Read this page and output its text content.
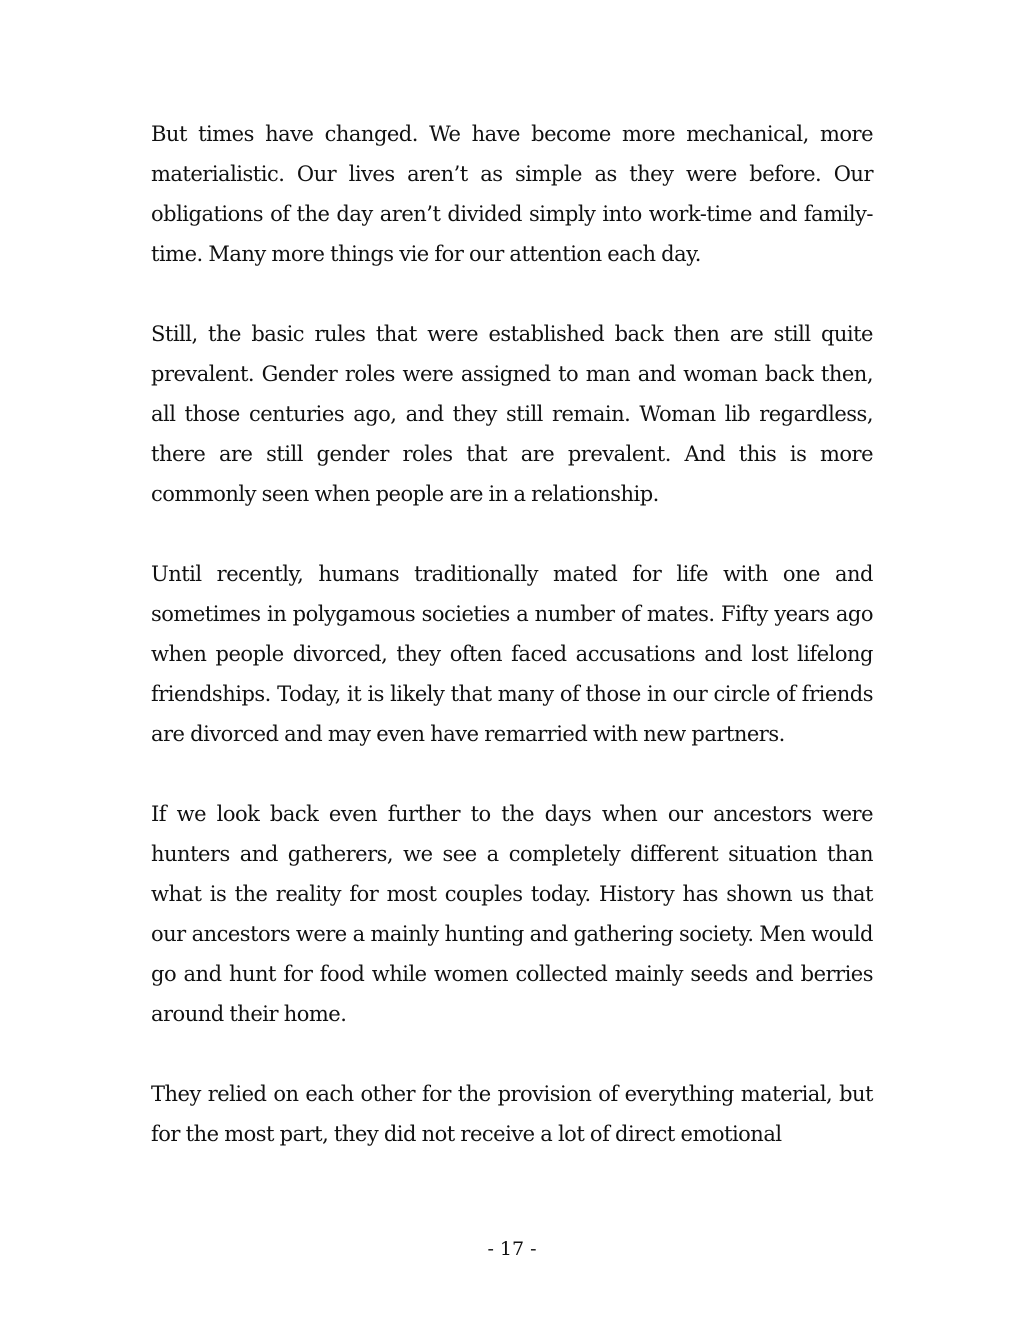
But times have changed. We have become more mechanical, more materialistic. Our lives aren’t as simple as they were before. Our obligations of the day aren’t divided simply into work-time and family-time. Many more things vie for our attention each day.

Still, the basic rules that were established back then are still quite prevalent. Gender roles were assigned to man and woman back then, all those centuries ago, and they still remain. Woman lib regardless, there are still gender roles that are prevalent. And this is more commonly seen when people are in a relationship.

Until recently, humans traditionally mated for life with one and sometimes in polygamous societies a number of mates. Fifty years ago when people divorced, they often faced accusations and lost lifelong friendships. Today, it is likely that many of those in our circle of friends are divorced and may even have remarried with new partners.

If we look back even further to the days when our ancestors were hunters and gatherers, we see a completely different situation than what is the reality for most couples today. History has shown us that our ancestors were a mainly hunting and gathering society. Men would go and hunt for food while women collected mainly seeds and berries around their home.

They relied on each other for the provision of everything material, but for the most part, they did not receive a lot of direct emotional

- 17 -
